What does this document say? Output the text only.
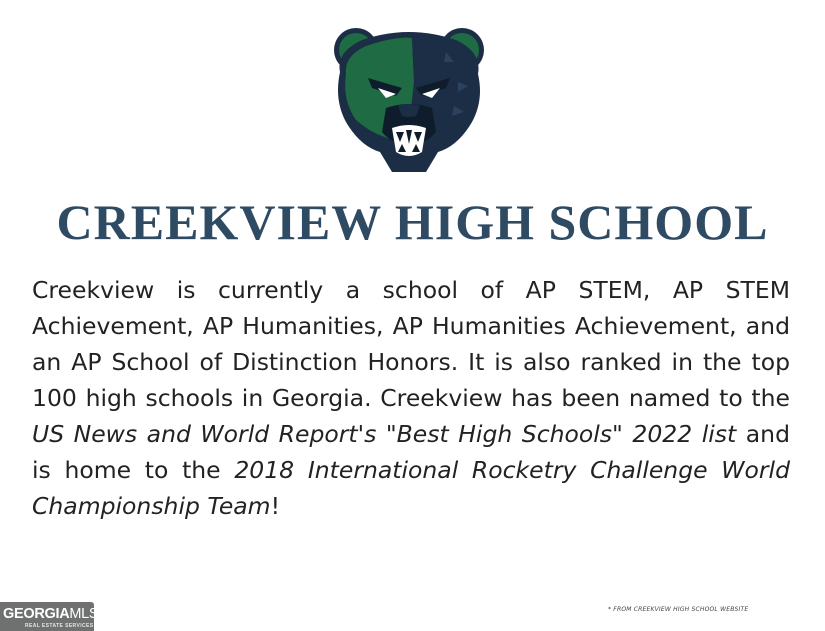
CREEKVIEW HIGH SCHOOL

Creekview is currently a school of AP STEM, AP STEM Achievement, AP Humanities, AP Humanities Achievement, and an AP School of Distinction Honors. It is also ranked in the top 100 high schools in Georgia. Creekview has been named to the US News and World Report's "Best High Schools" 2022 list and is home to the 2018 International Rocketry Challenge World Championship Team!

* FROM CREEKVIEW HIGH SCHOOL WEBSITE
GEORGIAMLS
REAL ESTATE SERVICES
